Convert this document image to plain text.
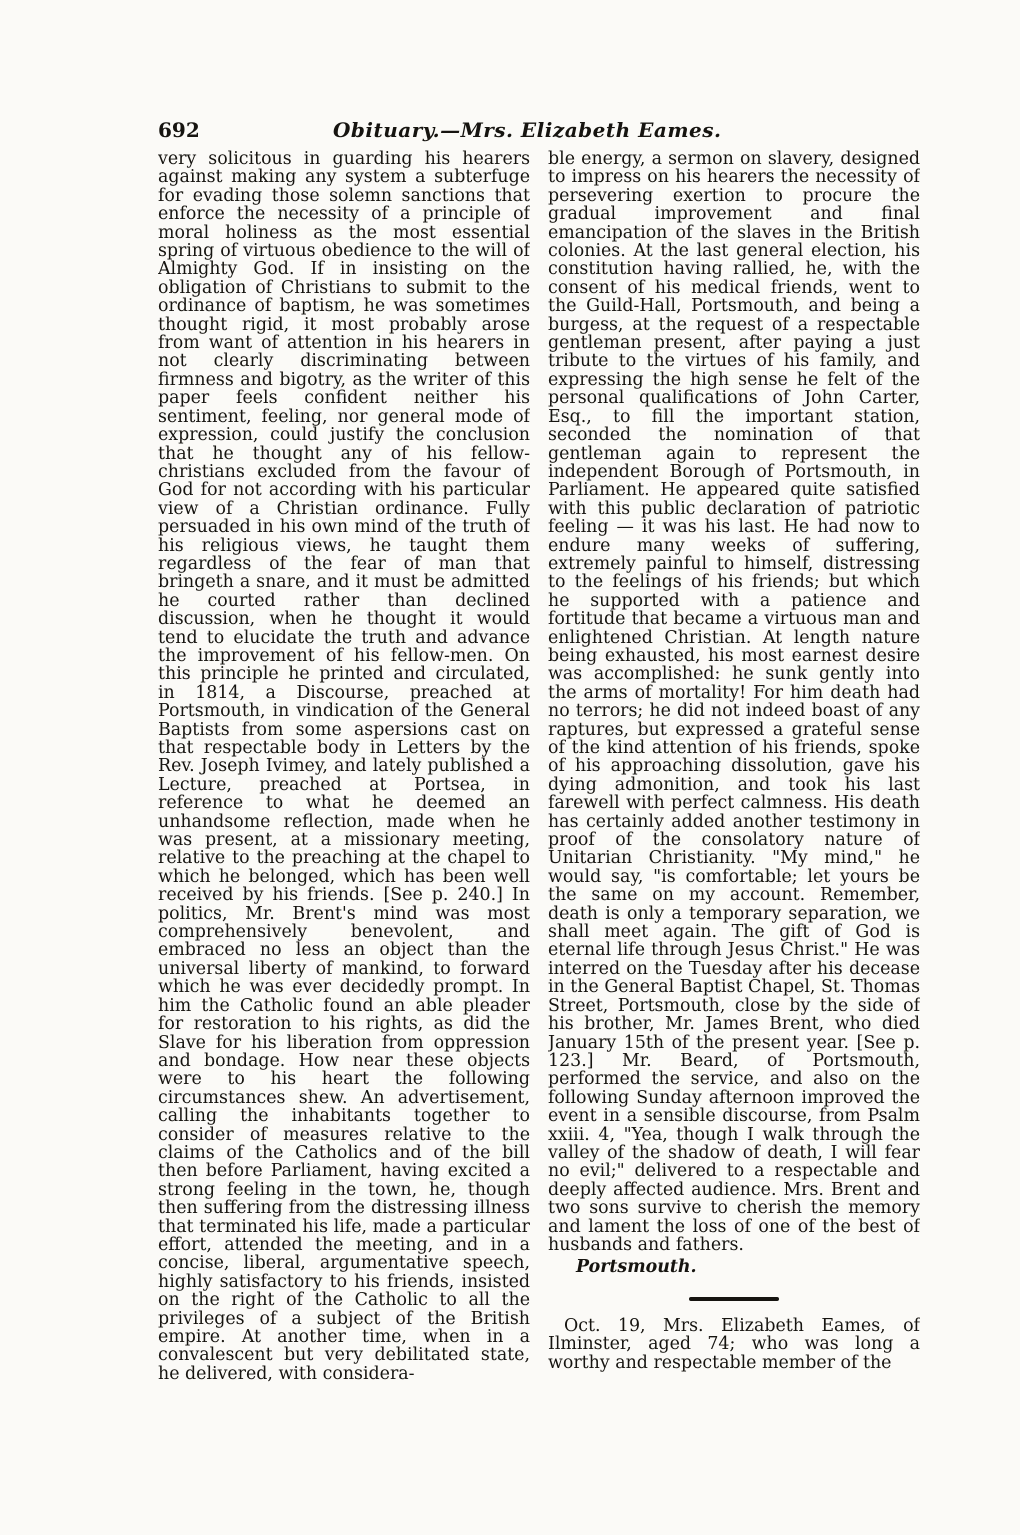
692	Obituary.—Mrs. Elizabeth Eames.

very solicitous in guarding his hearers against making any system a subterfuge for evading those solemn sanctions that enforce the necessity of a principle of moral holiness as the most essential spring of virtuous obedience to the will of Almighty God. If in insisting on the obligation of Christians to submit to the ordinance of baptism, he was sometimes thought rigid, it most probably arose from want of attention in his hearers in not clearly discriminating between firmness and bigotry, as the writer of this paper feels confident neither his sentiment, feeling, nor general mode of expression, could justify the conclusion that he thought any of his fellow-christians excluded from the favour of God for not according with his particular view of a Christian ordinance. Fully persuaded in his own mind of the truth of his religious views, he taught them regardless of the fear of man that bringeth a snare, and it must be admitted he courted rather than declined discussion, when he thought it would tend to elucidate the truth and advance the improvement of his fellow-men. On this principle he printed and circulated, in 1814, a Discourse, preached at Portsmouth, in vindication of the General Baptists from some aspersions cast on that respectable body in Letters by the Rev. Joseph Ivimey, and lately published a Lecture, preached at Portsea, in reference to what he deemed an unhandsome reflection, made when he was present, at a missionary meeting, relative to the preaching at the chapel to which he belonged, which has been well received by his friends. [See p. 240.] In politics, Mr. Brent's mind was most comprehensively benevolent, and embraced no less an object than the universal liberty of mankind, to forward which he was ever decidedly prompt. In him the Catholic found an able pleader for restoration to his rights, as did the Slave for his liberation from oppression and bondage. How near these objects were to his heart the following circumstances shew. An advertisement, calling the inhabitants together to consider of measures relative to the claims of the Catholics and of the bill then before Parliament, having excited a strong feeling in the town, he, though then suffering from the distressing illness that terminated his life, made a particular effort, attended the meeting, and in a concise, liberal, argumentative speech, highly satisfactory to his friends, insisted on the right of the Catholic to all the privileges of a subject of the British empire. At another time, when in a convalescent but very debilitated state, he delivered, with considera-

ble energy, a sermon on slavery, designed to impress on his hearers the necessity of persevering exertion to procure the gradual improvement and final emancipation of the slaves in the British colonies. At the last general election, his constitution having rallied, he, with the consent of his medical friends, went to the Guild-Hall, Portsmouth, and being a burgess, at the request of a respectable gentleman present, after paying a just tribute to the virtues of his family, and expressing the high sense he felt of the personal qualifications of John Carter, Esq., to fill the important station, seconded the nomination of that gentleman again to represent the independent Borough of Portsmouth, in Parliament. He appeared quite satisfied with this public declaration of patriotic feeling — it was his last. He had now to endure many weeks of suffering, extremely painful to himself, distressing to the feelings of his friends; but which he supported with a patience and fortitude that became a virtuous man and enlightened Christian. At length nature being exhausted, his most earnest desire was accomplished: he sunk gently into the arms of mortality! For him death had no terrors; he did not indeed boast of any raptures, but expressed a grateful sense of the kind attention of his friends, spoke of his approaching dissolution, gave his dying admonition, and took his last farewell with perfect calmness. His death has certainly added another testimony in proof of the consolatory nature of Unitarian Christianity. "My mind," he would say, "is comfortable; let yours be the same on my account. Remember, death is only a temporary separation, we shall meet again. The gift of God is eternal life through Jesus Christ." He was interred on the Tuesday after his decease in the General Baptist Chapel, St. Thomas Street, Portsmouth, close by the side of his brother, Mr. James Brent, who died January 15th of the present year. [See p. 123.] Mr. Beard, of Portsmouth, performed the service, and also on the following Sunday afternoon improved the event in a sensible discourse, from Psalm xxiii. 4, "Yea, though I walk through the valley of the shadow of death, I will fear no evil;" delivered to a respectable and deeply affected audience. Mrs. Brent and two sons survive to cherish the memory and lament the loss of one of the best of husbands and fathers.

Portsmouth.

Oct. 19, Mrs. Elizabeth Eames, of Ilminster, aged 74; who was long a worthy and respectable member of the
